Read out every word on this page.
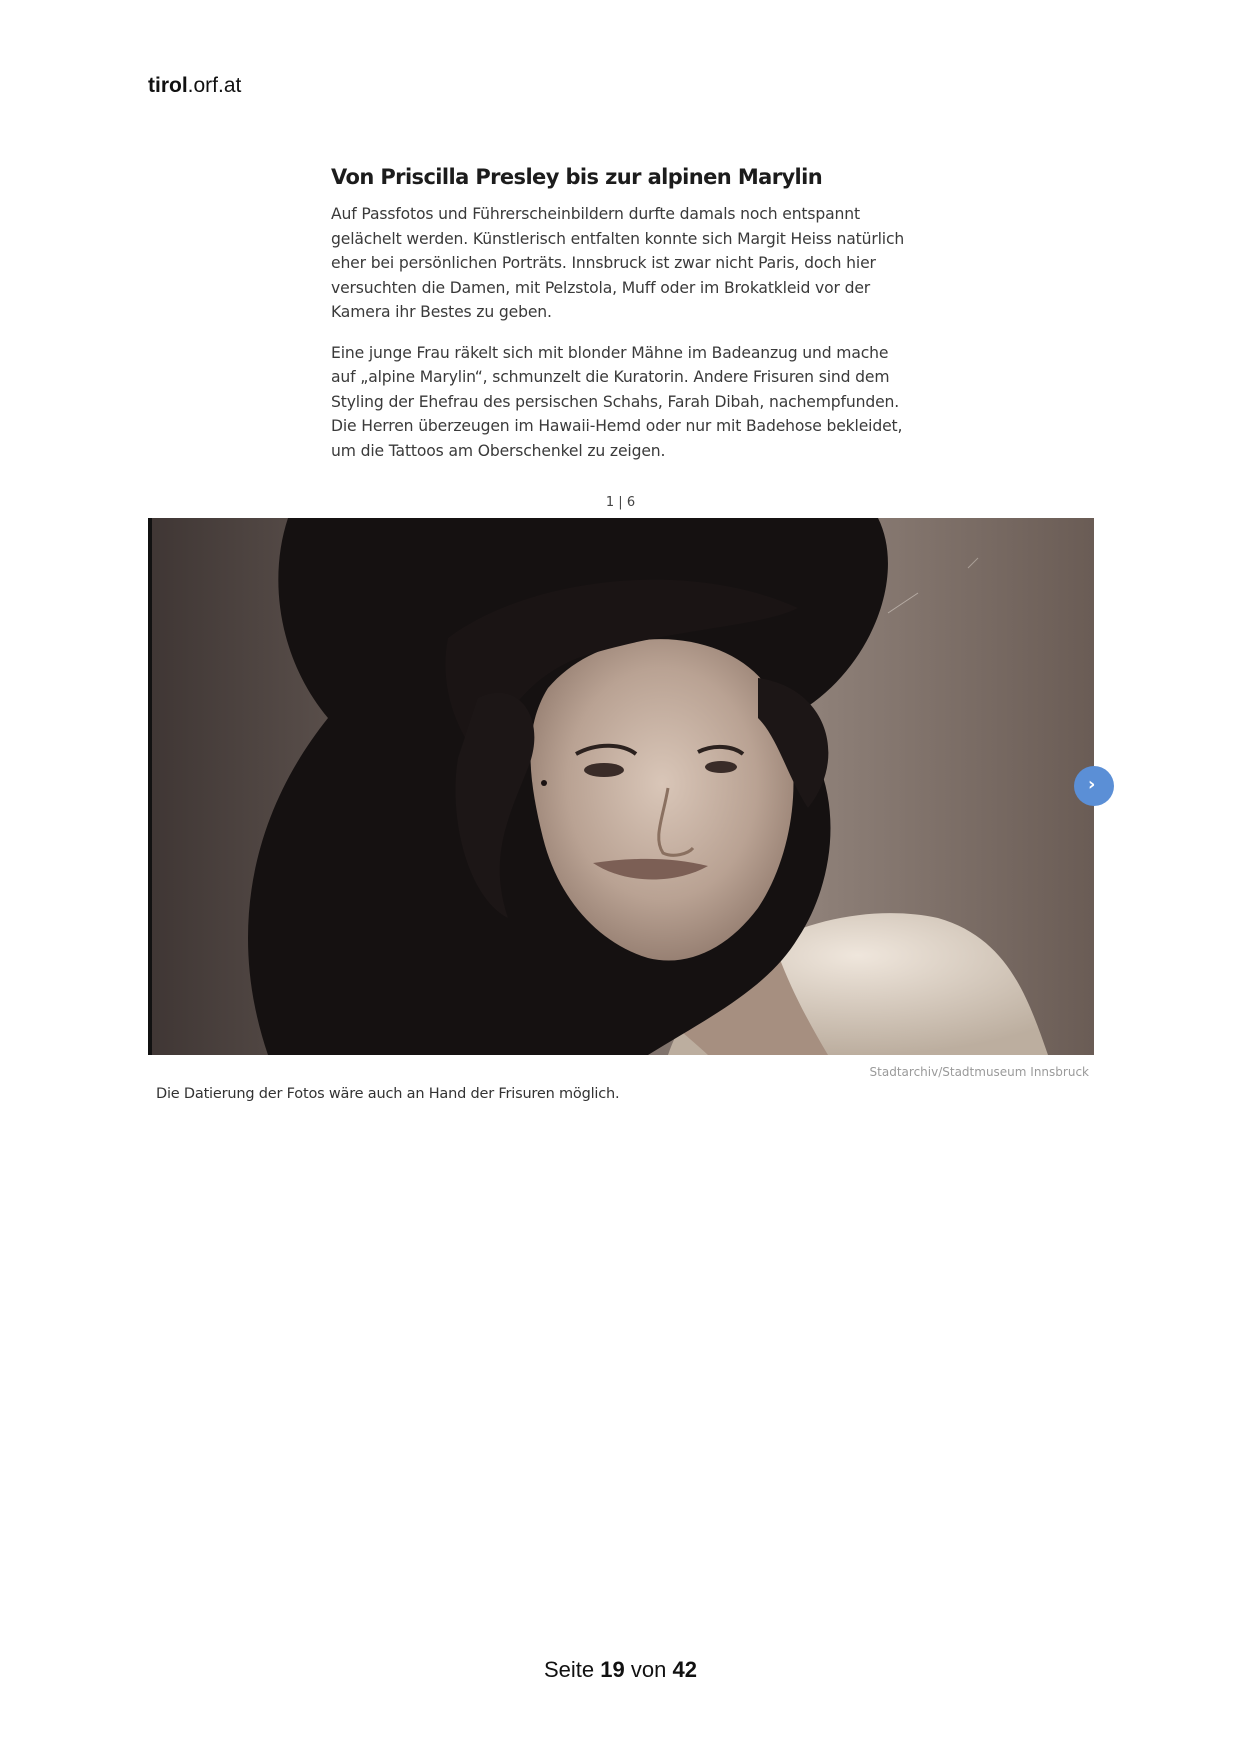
tirol.orf.at
Von Priscilla Presley bis zur alpinen Marylin

Auf Passfotos und Führerscheinbildern durfte damals noch entspannt gelächelt werden. Künstlerisch entfalten konnte sich Margit Heiss natürlich eher bei persönlichen Porträts. Innsbruck ist zwar nicht Paris, doch hier versuchten die Damen, mit Pelzstola, Muff oder im Brokatkleid vor der Kamera ihr Bestes zu geben.

Eine junge Frau räkelt sich mit blonder Mähne im Badeanzug und mache auf „alpine Marylin“, schmunzelt die Kuratorin. Andere Frisuren sind dem Styling der Ehefrau des persischen Schahs, Farah Dibah, nachempfunden. Die Herren überzeugen im Hawaii-Hemd oder nur mit Badehose bekleidet, um die Tattoos am Oberschenkel zu zeigen.

1 | 6
›
Stadtarchiv/Stadtmuseum Innsbruck
Die Datierung der Fotos wäre auch an Hand der Frisuren möglich.
Seite 19 von 42
